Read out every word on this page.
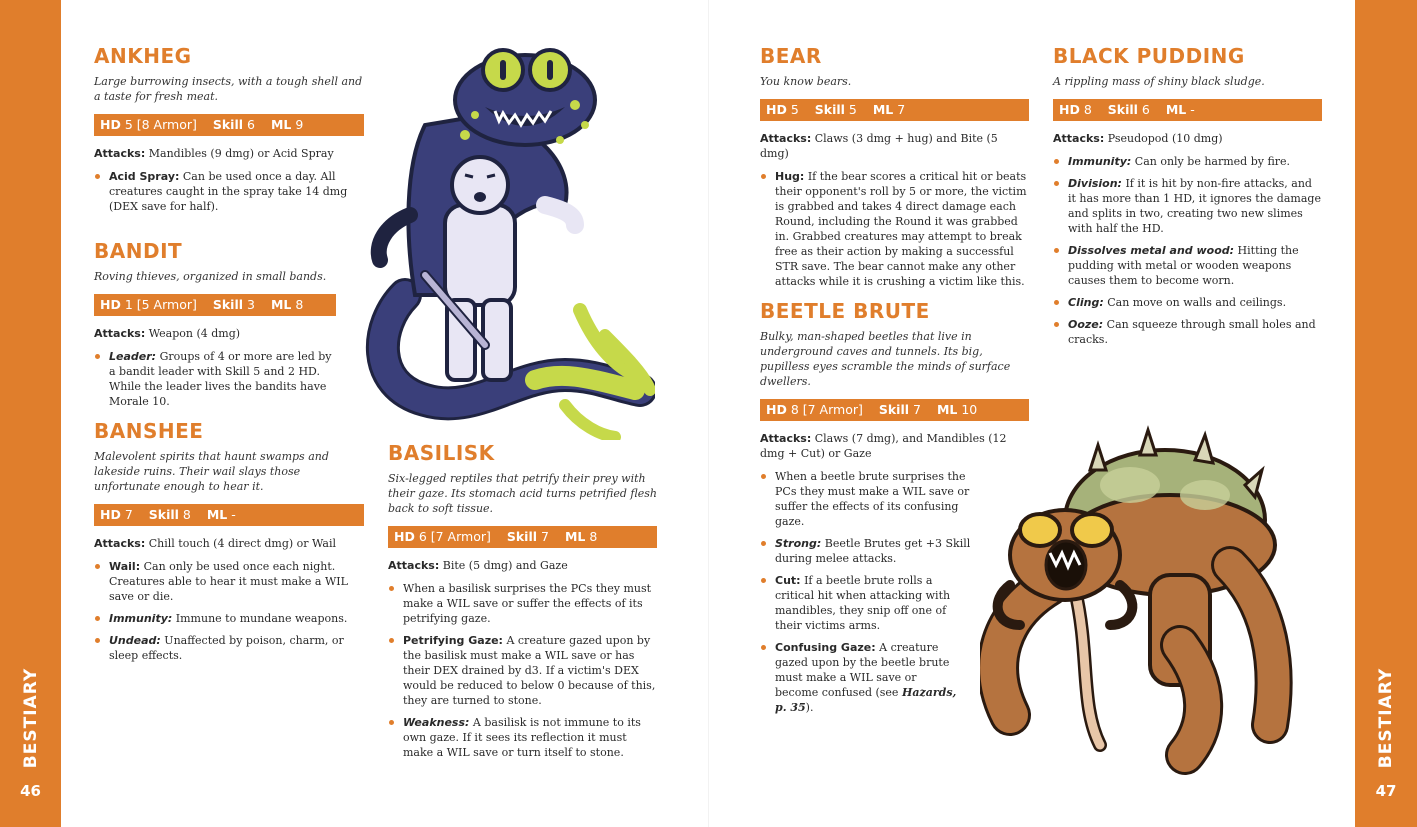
BESTIARY
46
BESTIARY
47
ANKHEG

Large burrowing insects, with a tough shell and a taste for fresh meat.

HD 5 [8 Armor] Skill 6 ML 9
Attacks: Mandibles (9 dmg) or Acid Spray
Acid Spray: Can be used once a day. All creatures caught in the spray take 14 dmg (DEX save for half).
BANDIT

Roving thieves, organized in small bands.

HD 1 [5 Armor] Skill 3 ML 8
Attacks: Weapon (4 dmg)
Leader: Groups of 4 or more are led by a bandit leader with Skill 5 and 2 HD. While the leader lives the bandits have Morale 10.
BANSHEE

Malevolent spirits that haunt swamps and lakeside ruins. Their wail slays those unfortunate enough to hear it.

HD 7 Skill 8 ML -
Attacks: Chill touch (4 direct dmg) or Wail
Wail: Can only be used once each night. Creatures able to hear it must make a WIL save or die.
Immunity: Immune to mundane weapons.
Undead: Unaffected by poison, charm, or sleep effects.
BASILISK

Six-legged reptiles that petrify their prey with their gaze. Its stomach acid turns petrified flesh back to soft tissue.

HD 6 [7 Armor] Skill 7 ML 8
Attacks: Bite (5 dmg) and Gaze
When a basilisk surprises the PCs they must make a WIL save or suffer the effects of its petrifying gaze.
Petrifying Gaze: A creature gazed upon by the basilisk must make a WIL save or has their DEX drained by d3. If a victim's DEX would be reduced to below 0 because of this, they are turned to stone.
Weakness: A basilisk is not immune to its own gaze. If it sees its reflection it must make a WIL save or turn itself to stone.
BEAR

You know bears.

HD 5 Skill 5 ML 7
Attacks: Claws (3 dmg + hug) and Bite (5 dmg)
Hug: If the bear scores a critical hit or beats their opponent's roll by 5 or more, the victim is grabbed and takes 4 direct damage each Round, including the Round it was grabbed in. Grabbed creatures may attempt to break free as their action by making a successful STR save. The bear cannot make any other attacks while it is crushing a victim like this.
BEETLE BRUTE

Bulky, man-shaped beetles that live in underground caves and tunnels. Its big, pupilless eyes scramble the minds of surface dwellers.

HD 8 [7 Armor] Skill 7 ML 10
Attacks: Claws (7 dmg), and Mandibles (12 dmg + Cut) or Gaze
When a beetle brute surprises the PCs they must make a WIL save or suffer the effects of its confusing gaze.
Strong: Beetle Brutes get +3 Skill during melee attacks.
Cut: If a beetle brute rolls a critical hit when attacking with mandibles, they snip off one of their victims arms.
Confusing Gaze: A creature gazed upon by the beetle brute must make a WIL save or become confused (see Hazards, p. 35).
BLACK PUDDING

A rippling mass of shiny black sludge.

HD 8 Skill 6 ML -
Attacks: Pseudopod (10 dmg)
Immunity: Can only be harmed by fire.
Division: If it is hit by non-fire attacks, and it has more than 1 HD, it ignores the damage and splits in two, creating two new slimes with half the HD.
Dissolves metal and wood: Hitting the pudding with metal or wooden weapons causes them to become worn.
Cling: Can move on walls and ceilings.
Ooze: Can squeeze through small holes and cracks.
